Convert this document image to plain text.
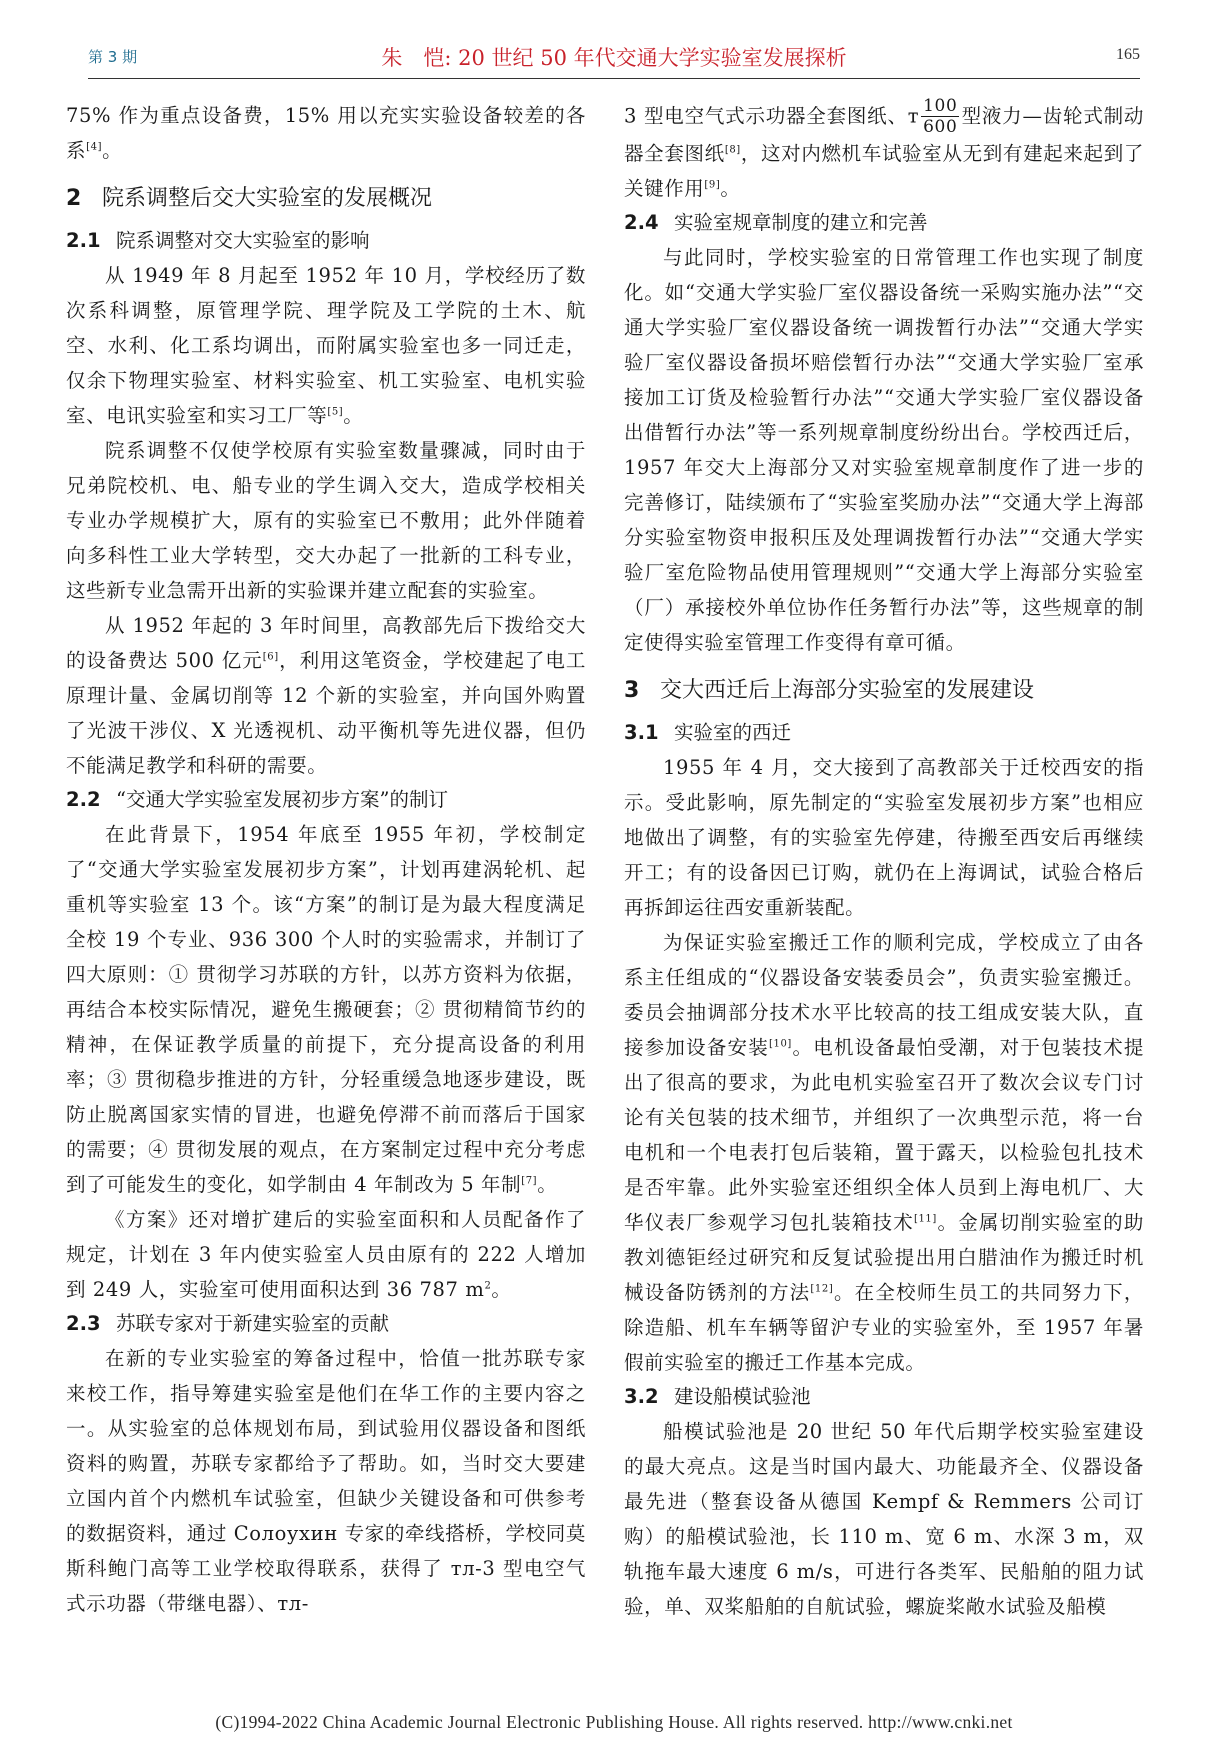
第 3 期	朱　恺: 20 世纪 50 年代交通大学实验室发展探析	165

75% 作为重点设备费，15% 用以充实实验设备较差的各系[4]。

2 院系调整后交大实验室的发展概况
2.1 院系调整对交大实验室的影响

从 1949 年 8 月起至 1952 年 10 月，学校经历了数次系科调整，原管理学院、理学院及工学院的土木、航空、水利、化工系均调出，而附属实验室也多一同迁走，仅余下物理实验室、材料实验室、机工实验室、电机实验室、电讯实验室和实习工厂等[5]。

院系调整不仅使学校原有实验室数量骤减，同时由于兄弟院校机、电、船专业的学生调入交大，造成学校相关专业办学规模扩大，原有的实验室已不敷用；此外伴随着向多科性工业大学转型，交大办起了一批新的工科专业，这些新专业急需开出新的实验课并建立配套的实验室。

从 1952 年起的 3 年时间里，高教部先后下拨给交大的设备费达 500 亿元[6]，利用这笔资金，学校建起了电工原理计量、金属切削等 12 个新的实验室，并向国外购置了光波干涉仪、X 光透视机、动平衡机等先进仪器，但仍不能满足教学和科研的需要。

2.2 “交通大学实验室发展初步方案”的制订

在此背景下，1954 年底至 1955 年初，学校制定了“交通大学实验室发展初步方案”，计划再建涡轮机、起重机等实验室 13 个。该“方案”的制订是为最大程度满足全校 19 个专业、936 300 个人时的实验需求，并制订了四大原则：① 贯彻学习苏联的方针，以苏方资料为依据，再结合本校实际情况，避免生搬硬套；② 贯彻精简节约的精神，在保证教学质量的前提下，充分提高设备的利用率；③ 贯彻稳步推进的方针，分轻重缓急地逐步建设，既防止脱离国家实情的冒进，也避免停滞不前而落后于国家的需要；④ 贯彻发展的观点，在方案制定过程中充分考虑到了可能发生的变化，如学制由 4 年制改为 5 年制[7]。

《方案》还对增扩建后的实验室面积和人员配备作了规定，计划在 3 年内使实验室人员由原有的 222 人增加到 249 人，实验室可使用面积达到 36 787 $m^2$。

2.3 苏联专家对于新建实验室的贡献

在新的专业实验室的筹备过程中，恰值一批苏联专家来校工作，指导筹建实验室是他们在华工作的主要内容之一。从实验室的总体规划布局，到试验用仪器设备和图纸资料的购置，苏联专家都给予了帮助。如，当时交大要建立国内首个内燃机车试验室，但缺少关键设备和可供参考的数据资料，通过 Солоухин 专家的牵线搭桥，学校同莫斯科鲍门高等工业学校取得联系，获得了 тл-3 型电空气式示功器（带继电器）、тл-

3 型电空气式示功器全套图纸、т $\frac{100}{600}$ 型液力—齿轮式制动器全套图纸[8]，这对内燃机车试验室从无到有建起来起到了关键作用[9]。

2.4 实验室规章制度的建立和完善

与此同时，学校实验室的日常管理工作也实现了制度化。如“交通大学实验厂室仪器设备统一采购实施办法”“交通大学实验厂室仪器设备统一调拨暂行办法”“交通大学实验厂室仪器设备损坏赔偿暂行办法”“交通大学实验厂室承接加工订货及检验暂行办法”“交通大学实验厂室仪器设备出借暂行办法”等一系列规章制度纷纷出台。学校西迁后，1957 年交大上海部分又对实验室规章制度作了进一步的完善修订，陆续颁布了“实验室奖励办法”“交通大学上海部分实验室物资申报积压及处理调拨暂行办法”“交通大学实验厂室危险物品使用管理规则”“交通大学上海部分实验室（厂）承接校外单位协作任务暂行办法”等，这些规章的制定使得实验室管理工作变得有章可循。

3 交大西迁后上海部分实验室的发展建设
3.1 实验室的西迁

1955 年 4 月，交大接到了高教部关于迁校西安的指示。受此影响，原先制定的“实验室发展初步方案”也相应地做出了调整，有的实验室先停建，待搬至西安后再继续开工；有的设备因已订购，就仍在上海调试，试验合格后再拆卸运往西安重新装配。

为保证实验室搬迁工作的顺利完成，学校成立了由各系主任组成的“仪器设备安装委员会”，负责实验室搬迁。委员会抽调部分技术水平比较高的技工组成安装大队，直接参加设备安装[10]。电机设备最怕受潮，对于包装技术提出了很高的要求，为此电机实验室召开了数次会议专门讨论有关包装的技术细节，并组织了一次典型示范，将一台电机和一个电表打包后装箱，置于露天，以检验包扎技术是否牢靠。此外实验室还组织全体人员到上海电机厂、大华仪表厂参观学习包扎装箱技术[11]。金属切削实验室的助教刘德钜经过研究和反复试验提出用白腊油作为搬迁时机械设备防锈剂的方法[12]。在全校师生员工的共同努力下，除造船、机车车辆等留沪专业的实验室外，至 1957 年暑假前实验室的搬迁工作基本完成。

3.2 建设船模试验池

船模试验池是 20 世纪 50 年代后期学校实验室建设的最大亮点。这是当时国内最大、功能最齐全、仪器设备最先进（整套设备从德国 Kempf & Remmers 公司订购）的船模试验池，长 110 m、宽 6 m、水深 3 m，双轨拖车最大速度 6 m/s，可进行各类军、民船舶的阻力试验，单、双桨船舶的自航试验，螺旋桨敞水试验及船模

(C)1994-2022 China Academic Journal Electronic Publishing House. All rights reserved. http://www.cnki.net
